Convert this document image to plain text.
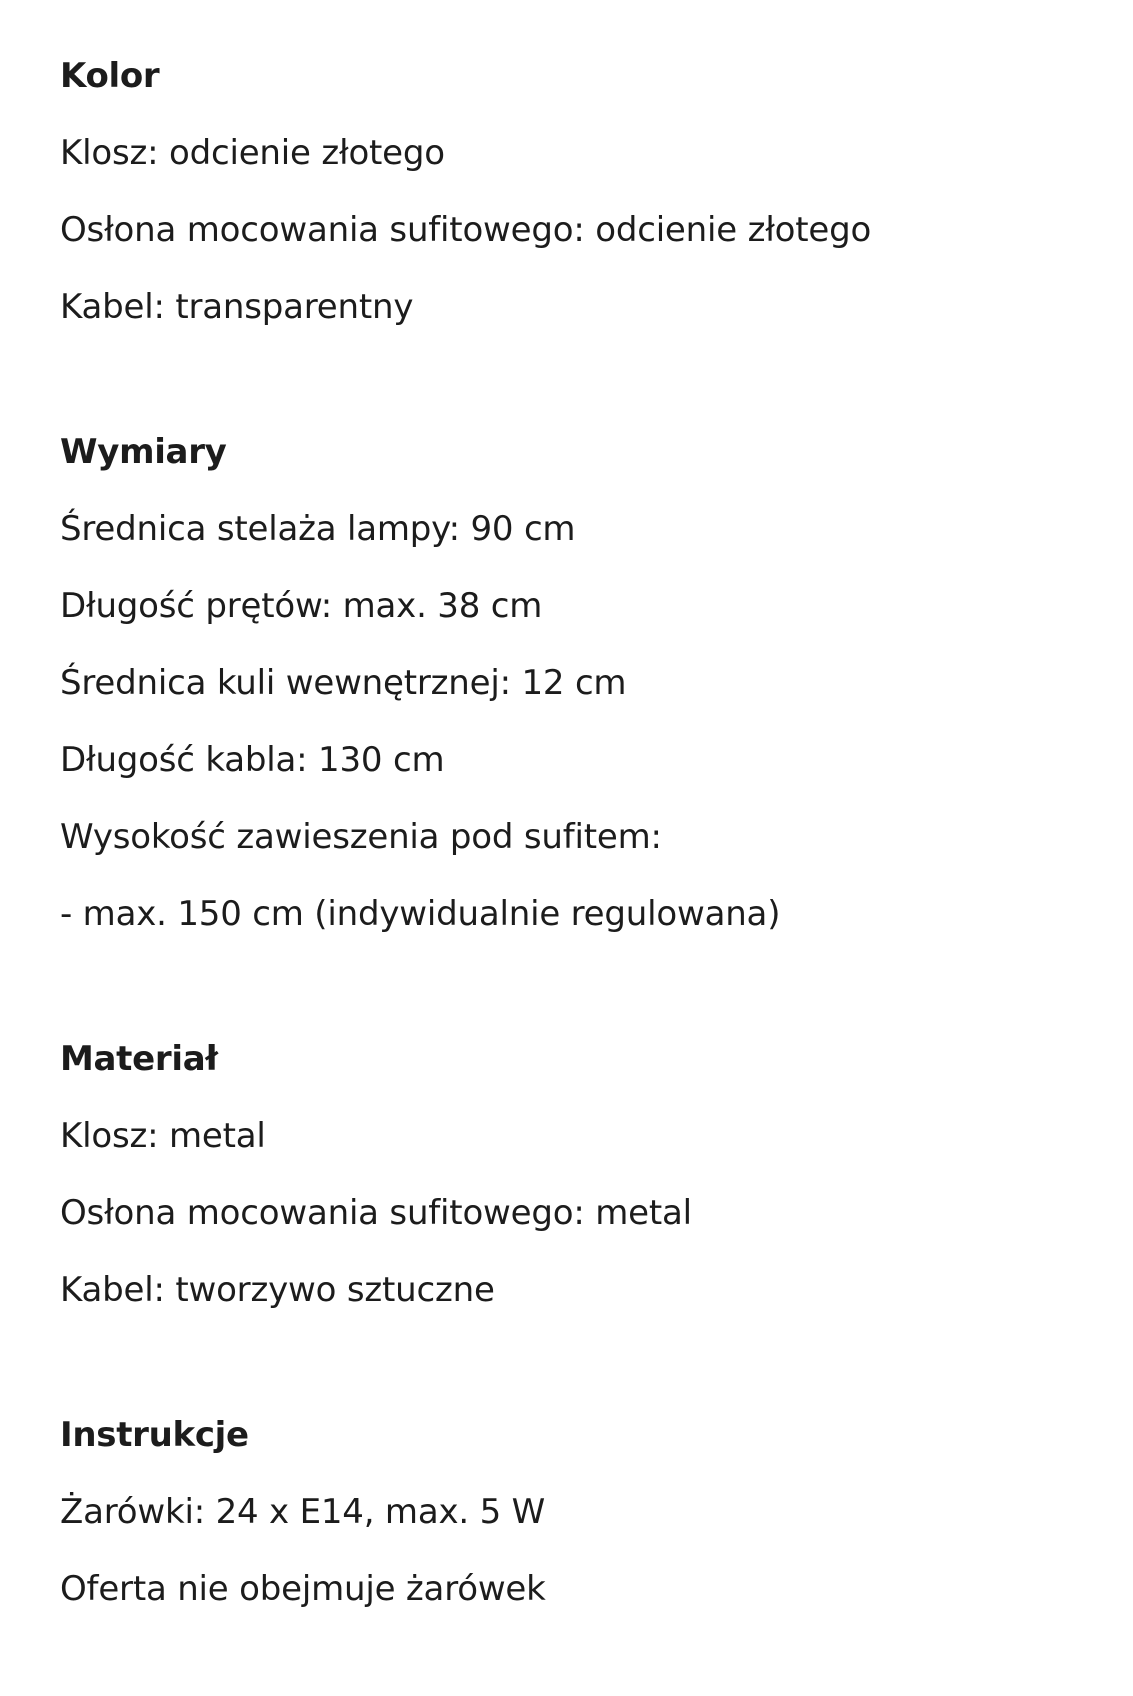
Kolor

Klosz: odcienie złotego

Osłona mocowania sufitowego: odcienie złotego

Kabel: transparentny

Wymiary

Średnica stelaża lampy: 90 cm

Długość prętów: max. 38 cm

Średnica kuli wewnętrznej: 12 cm

Długość kabla: 130 cm

Wysokość zawieszenia pod sufitem:

- max. 150 cm (indywidualnie regulowana)

Materiał

Klosz: metal

Osłona mocowania sufitowego: metal

Kabel: tworzywo sztuczne

Instrukcje

Żarówki: 24 x E14, max. 5 W

Oferta nie obejmuje żarówek
